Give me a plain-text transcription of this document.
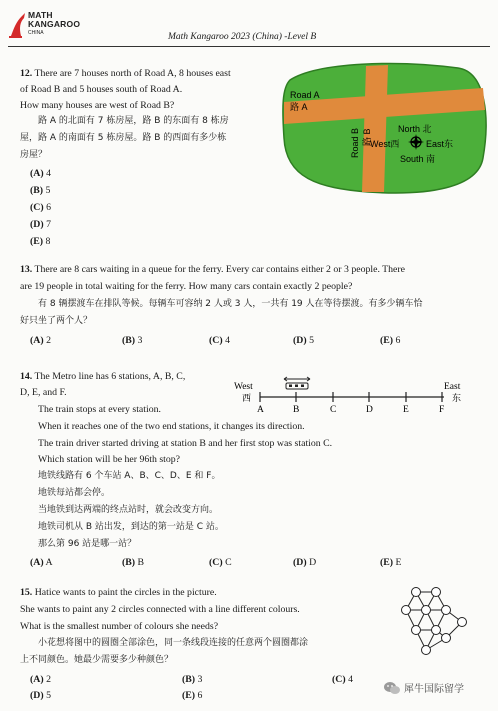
MATH
KANGAROO
CHINA	Math Kangaroo 2023 (China) -Level B
12. There are 7 houses north of Road A, 8 houses east
of Road B and 5 houses south of Road A.
How many houses are west of Road B?
路 A 的北面有 7 栋房屋，路 B 的东面有 8 栋房
屋，路 A 的南面有 5 栋房屋。路 B 的西面有多少栋
房屋？
(A) 4
(B) 5
(C) 6
(D) 7
(E) 8
Road A
路 A
Road B 路 B	North 北
West西	East东
South 南
13. There are 8 cars waiting in a queue for the ferry. Every car contains either 2 or 3 people. There
are 19 people in total waiting for the ferry. How many cars contain exactly 2 people?
有 8 辆摆渡车在排队等候。每辆车可容纳 2 人或 3 人，一共有 19 人在等待摆渡。有多少辆车恰
好只坐了两个人？
(A) 2	(B) 3	(C) 4	(D) 5	(E) 6
14. The Metro line has 6 stations, A, B, C,
D, E, and F.
The train stops at every station.
When it reaches one of the two end stations, it changes its direction.
The train driver started driving at station B and her first stop was station C.
Which station will be her 96th stop?
地铁线路有 6 个车站 A、B、C、D、E 和 F。
地铁每站都会停。
当地铁到达两端的终点站时，就会改变方向。
地铁司机从 B 站出发，到达的第一站是 C 站。
那么第 96 站是哪一站？
West
西
East
东
A	B	C	D	E	F
(A) A	(B) B	(C) C	(D) D	(E) E
15. Hatice wants to paint the circles in the picture.
She wants to paint any 2 circles connected with a line different colours.
What is the smallest number of colours she needs?
小花想将图中的圆圈全部涂色，同一条线段连接的任意两个圆圈都涂
上不同颜色。她最少需要多少种颜色？
(A) 2	(B) 3	(C) 4
(D) 5	(E) 6
犀牛国际留学
